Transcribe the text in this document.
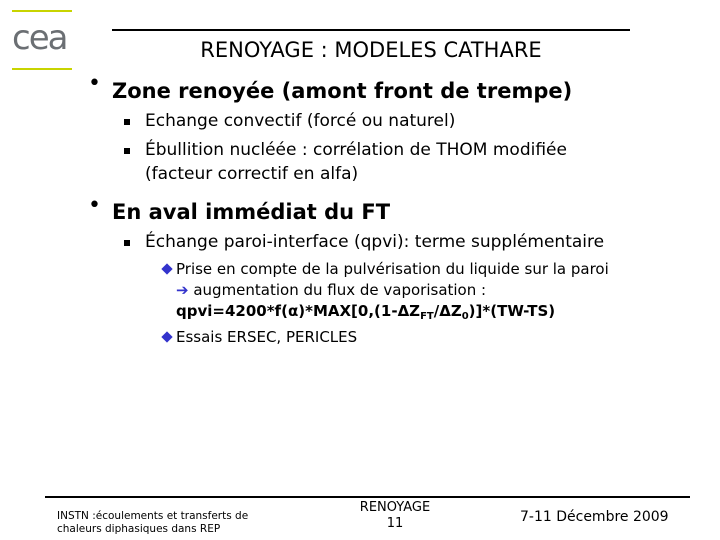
cea	RENOYAGE : MODELES CATHARE
• Zone renoyée (amont front de trempe)
Echange convectif (forcé ou naturel)
Ébullition nucléée : corrélation de THOM modifiée
(facteur correctif en alfa)
• En aval immédiat du FT
Échange paroi-interface (qpvi): terme supplémentaire
Prise en compte de la pulvérisation du liquide sur la paroi
➔ augmentation du flux de vaporisation :
$qpvi=4200*f(\alpha)*MAX[0,(1-\Delta Z_{FT}/\Delta Z_0)]*(TW-TS)$
Essais ERSEC, PERICLES
INSTN :écoulements et transferts de
chaleurs diphasiques dans REP
RENOYAGE
11	7-11 Décembre 2009
